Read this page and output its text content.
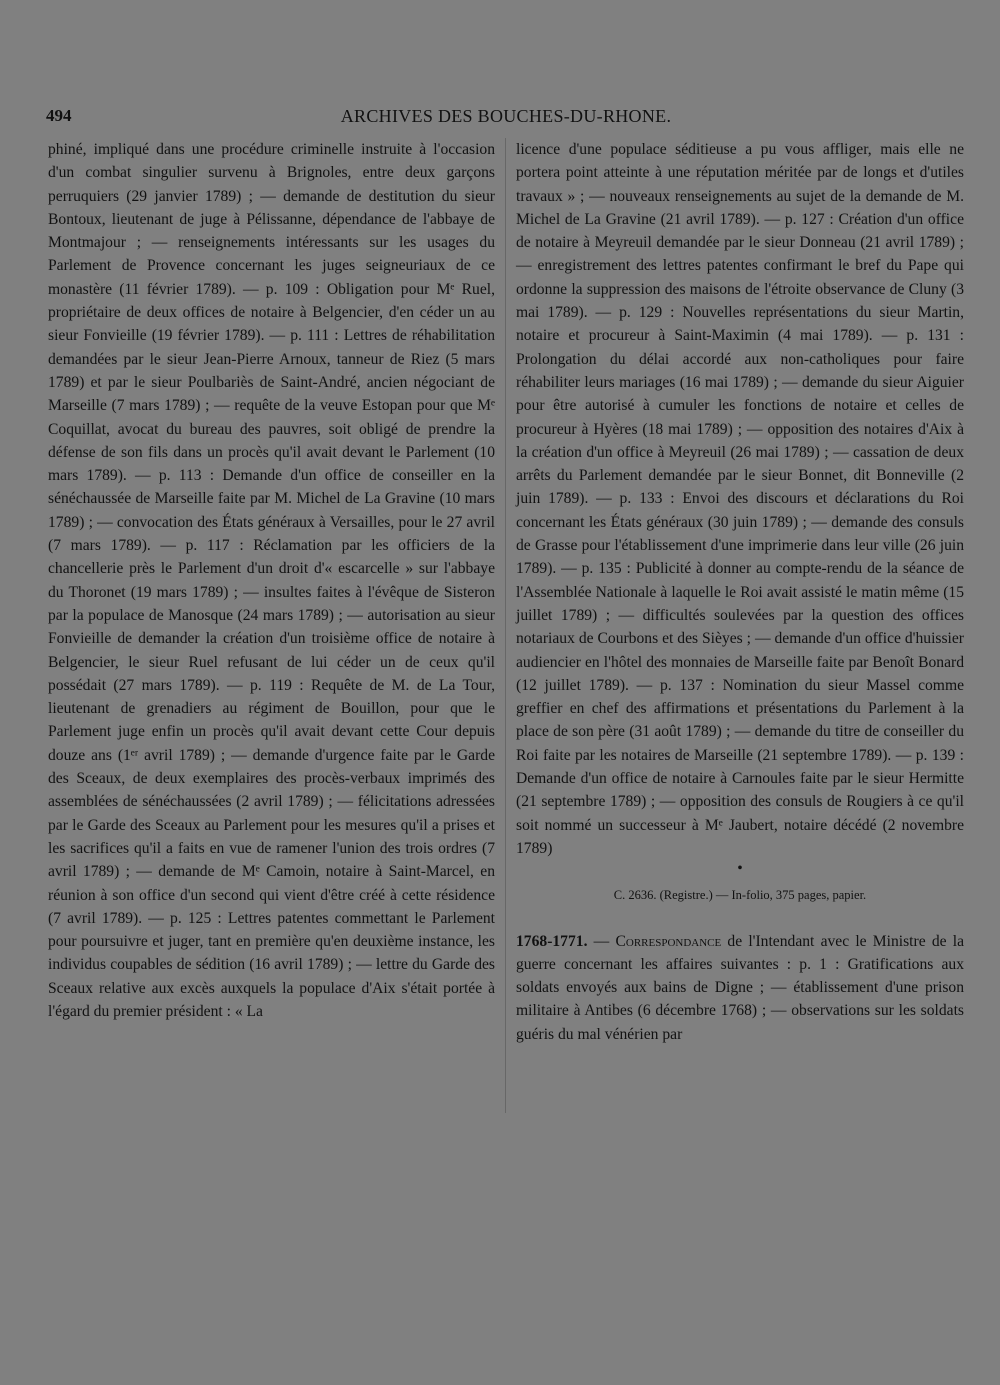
494	ARCHIVES DES BOUCHES-DU-RHONE.

phiné, impliqué dans une procédure criminelle instruite à l'occasion d'un combat singulier survenu à Brignoles, entre deux garçons perruquiers (29 janvier 1789) ; — demande de destitution du sieur Bontoux, lieutenant de juge à Pélissanne, dépendance de l'abbaye de Montmajour ; — renseignements intéressants sur les usages du Parlement de Provence concernant les juges seigneuriaux de ce monastère (11 février 1789). — p. 109 : Obligation pour Mᵉ Ruel, propriétaire de deux offices de notaire à Belgencier, d'en céder un au sieur Fonvieille (19 février 1789). — p. 111 : Lettres de réhabilitation demandées par le sieur Jean-Pierre Arnoux, tanneur de Riez (5 mars 1789) et par le sieur Poulbariès de Saint-André, ancien négociant de Marseille (7 mars 1789) ; — requête de la veuve Estopan pour que Mᵉ Coquillat, avocat du bureau des pauvres, soit obligé de prendre la défense de son fils dans un procès qu'il avait devant le Parlement (10 mars 1789). — p. 113 : Demande d'un office de conseiller en la sénéchaussée de Marseille faite par M. Michel de La Gravine (10 mars 1789) ; — convocation des États généraux à Versailles, pour le 27 avril (7 mars 1789). — p. 117 : Réclamation par les officiers de la chancellerie près le Parlement d'un droit d'« escarcelle » sur l'abbaye du Thoronet (19 mars 1789) ; — insultes faites à l'évêque de Sisteron par la populace de Manosque (24 mars 1789) ; — autorisation au sieur Fonvieille de demander la création d'un troisième office de notaire à Belgencier, le sieur Ruel refusant de lui céder un de ceux qu'il possédait (27 mars 1789). — p. 119 : Requête de M. de La Tour, lieutenant de grenadiers au régiment de Bouillon, pour que le Parlement juge enfin un procès qu'il avait devant cette Cour depuis douze ans (1ᵉʳ avril 1789) ; — demande d'urgence faite par le Garde des Sceaux, de deux exemplaires des procès-verbaux imprimés des assemblées de sénéchaussées (2 avril 1789) ; — félicitations adressées par le Garde des Sceaux au Parlement pour les mesures qu'il a prises et les sacrifices qu'il a faits en vue de ramener l'union des trois ordres (7 avril 1789) ; — demande de Mᵉ Camoin, notaire à Saint-Marcel, en réunion à son office d'un second qui vient d'être créé à cette résidence (7 avril 1789). — p. 125 : Lettres patentes commettant le Parlement pour poursuivre et juger, tant en première qu'en deuxième instance, les individus coupables de sédition (16 avril 1789) ; — lettre du Garde des Sceaux relative aux excès auxquels la populace d'Aix s'était portée à l'égard du premier président : « La

licence d'une populace séditieuse a pu vous affliger, mais elle ne portera point atteinte à une réputation méritée par de longs et d'utiles travaux » ; — nouveaux renseignements au sujet de la demande de M. Michel de La Gravine (21 avril 1789). — p. 127 : Création d'un office de notaire à Meyreuil demandée par le sieur Donneau (21 avril 1789) ; — enregistrement des lettres patentes confirmant le bref du Pape qui ordonne la suppression des maisons de l'étroite observance de Cluny (3 mai 1789). — p. 129 : Nouvelles représentations du sieur Martin, notaire et procureur à Saint-Maximin (4 mai 1789). — p. 131 : Prolongation du délai accordé aux non-catholiques pour faire réhabiliter leurs mariages (16 mai 1789) ; — demande du sieur Aiguier pour être autorisé à cumuler les fonctions de notaire et celles de procureur à Hyères (18 mai 1789) ; — opposition des notaires d'Aix à la création d'un office à Meyreuil (26 mai 1789) ; — cassation de deux arrêts du Parlement demandée par le sieur Bonnet, dit Bonneville (2 juin 1789). — p. 133 : Envoi des discours et déclarations du Roi concernant les États généraux (30 juin 1789) ; — demande des consuls de Grasse pour l'établissement d'une imprimerie dans leur ville (26 juin 1789). — p. 135 : Publicité à donner au compte-rendu de la séance de l'Assemblée Nationale à laquelle le Roi avait assisté le matin même (15 juillet 1789) ; — difficultés soulevées par la question des offices notariaux de Courbons et des Sièyes ; — demande d'un office d'huissier audiencier en l'hôtel des monnaies de Marseille faite par Benoît Bonard (12 juillet 1789). — p. 137 : Nomination du sieur Massel comme greffier en chef des affirmations et présentations du Parlement à la place de son père (31 août 1789) ; — demande du titre de conseiller du Roi faite par les notaires de Marseille (21 septembre 1789). — p. 139 : Demande d'un office de notaire à Carnoules faite par le sieur Hermitte (21 septembre 1789) ; — opposition des consuls de Rougiers à ce qu'il soit nommé un successeur à Mᵉ Jaubert, notaire décédé (2 novembre 1789)

•
C. 2636. (Registre.) — In-folio, 375 pages, papier.

1768-1771. — Correspondance de l'Intendant avec le Ministre de la guerre concernant les affaires suivantes : p. 1 : Gratifications aux soldats envoyés aux bains de Digne ; — établissement d'une prison militaire à Antibes (6 décembre 1768) ; — observations sur les soldats guéris du mal vénérien par
